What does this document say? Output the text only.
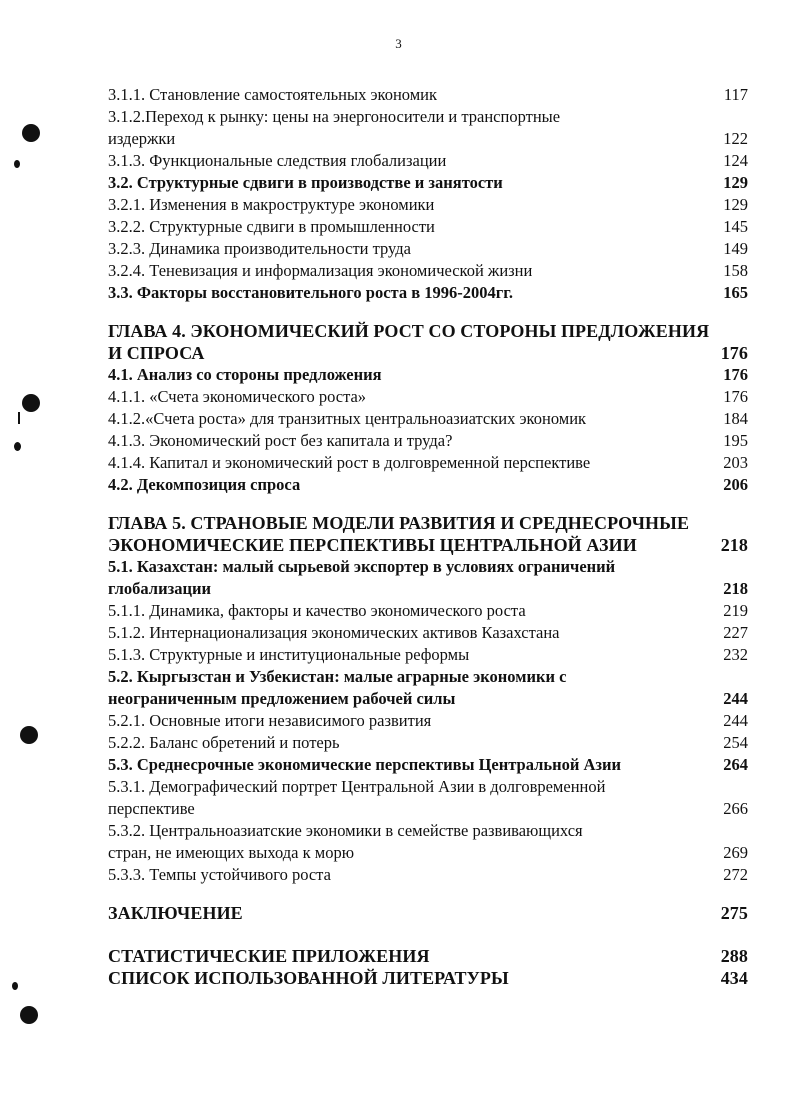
3
3.1.1. Становление самостоятельных экономик	117
3.1.2.Переход к рынку: цены на энергоносители и транспортные
издержки	122
3.1.3. Функциональные следствия глобализации	124
3.2. Структурные сдвиги в производстве и занятости	129
3.2.1. Изменения в макроструктуре экономики	129
3.2.2. Структурные сдвиги в промышленности	145
3.2.3. Динамика производительности труда	149
3.2.4. Теневизация и информализация экономической жизни	158
3.3. Факторы восстановительного роста в 1996-2004гг.	165
ГЛАВА 4. ЭКОНОМИЧЕСКИЙ РОСТ СО СТОРОНЫ ПРЕДЛОЖЕНИЯ
И СПРОСА	176
4.1. Анализ со стороны предложения	176
4.1.1. «Счета экономического роста»	176
4.1.2.«Счета роста» для транзитных центральноазиатских экономик	184
4.1.3. Экономический рост без капитала и труда?	195
4.1.4. Капитал и экономический рост в долговременной перспективе	203
4.2. Декомпозиция спроса	206
ГЛАВА 5. СТРАНОВЫЕ МОДЕЛИ РАЗВИТИЯ И СРЕДНЕСРОЧНЫЕ
ЭКОНОМИЧЕСКИЕ ПЕРСПЕКТИВЫ ЦЕНТРАЛЬНОЙ АЗИИ	218
5.1. Казахстан: малый сырьевой экспортер в условиях ограничений
глобализации	218
5.1.1. Динамика, факторы и качество экономического роста	219
5.1.2. Интернационализация экономических активов Казахстана	227
5.1.3. Структурные и институциональные реформы	232
5.2. Кыргызстан и Узбекистан: малые аграрные экономики с
неограниченным предложением рабочей силы	244
5.2.1. Основные итоги независимого развития	244
5.2.2. Баланс обретений и потерь	254
5.3. Среднесрочные экономические перспективы Центральной Азии	264
5.3.1. Демографический портрет Центральной Азии в долговременной
перспективе	266
5.3.2. Центральноазиатские экономики в семействе развивающихся
стран, не имеющих выхода к морю	269
5.3.3. Темпы устойчивого роста	272
ЗАКЛЮЧЕНИЕ	275
СТАТИСТИЧЕСКИЕ ПРИЛОЖЕНИЯ	288
СПИСОК ИСПОЛЬЗОВАННОЙ ЛИТЕРАТУРЫ	434
